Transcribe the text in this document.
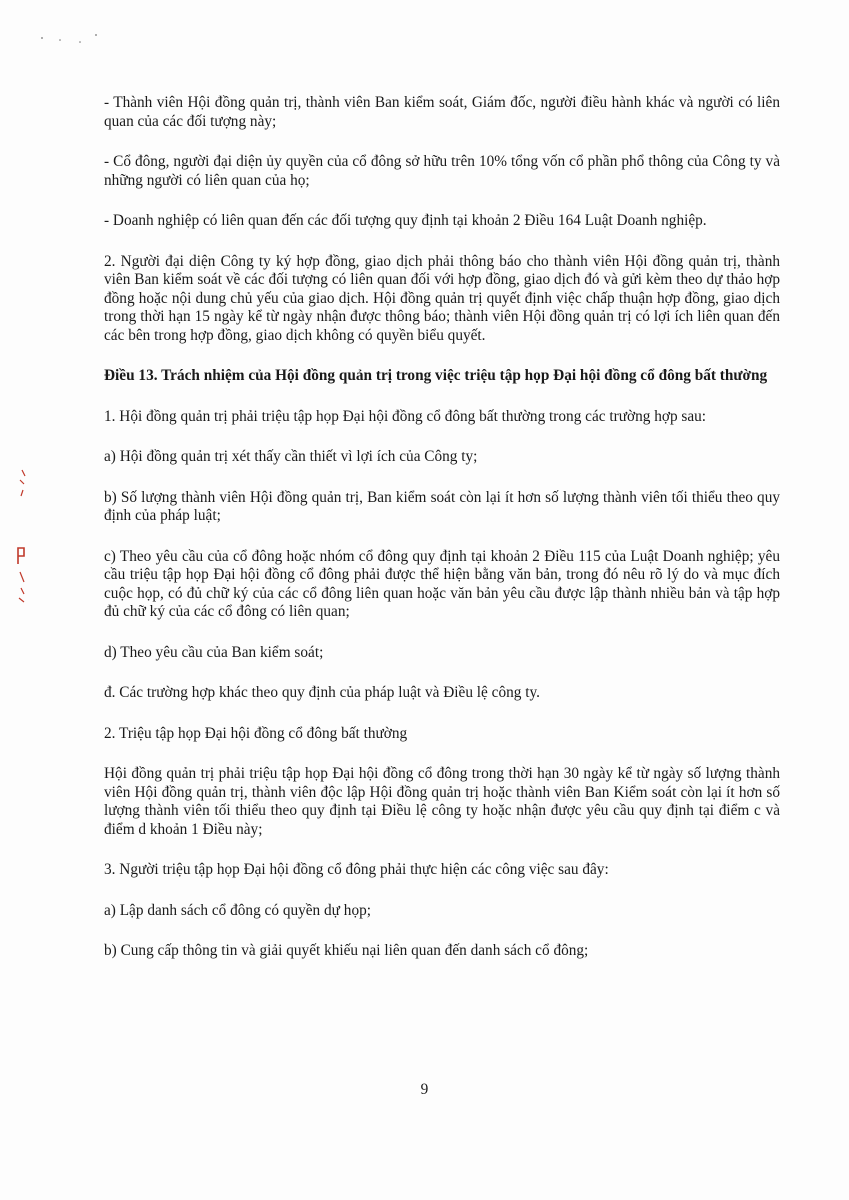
- Thành viên Hội đồng quản trị, thành viên Ban kiểm soát, Giám đốc, người điều hành khác và người có liên quan của các đối tượng này;

- Cổ đông, người đại diện ủy quyền của cổ đông sở hữu trên 10% tổng vốn cổ phần phổ thông của Công ty và những người có liên quan của họ;

- Doanh nghiệp có liên quan đến các đối tượng quy định tại khoản 2 Điều 164 Luật Doanh nghiệp.

2. Người đại diện Công ty ký hợp đồng, giao dịch phải thông báo cho thành viên Hội đồng quản trị, thành viên Ban kiểm soát về các đối tượng có liên quan đối với hợp đồng, giao dịch đó và gửi kèm theo dự thảo hợp đồng hoặc nội dung chủ yếu của giao dịch. Hội đồng quản trị quyết định việc chấp thuận hợp đồng, giao dịch trong thời hạn 15 ngày kể từ ngày nhận được thông báo; thành viên Hội đồng quản trị có lợi ích liên quan đến các bên trong hợp đồng, giao dịch không có quyền biểu quyết.

Điều 13. Trách nhiệm của Hội đồng quản trị trong việc triệu tập họp Đại hội đồng cổ đông bất thường

1. Hội đồng quản trị phải triệu tập họp Đại hội đồng cổ đông bất thường trong các trường hợp sau:

a) Hội đồng quản trị xét thấy cần thiết vì lợi ích của Công ty;

b) Số lượng thành viên Hội đồng quản trị, Ban kiểm soát còn lại ít hơn số lượng thành viên tối thiểu theo quy định của pháp luật;

c) Theo yêu cầu của cổ đông hoặc nhóm cổ đông quy định tại khoản 2 Điều 115 của Luật Doanh nghiệp; yêu cầu triệu tập họp Đại hội đồng cổ đông phải được thể hiện bằng văn bản, trong đó nêu rõ lý do và mục đích cuộc họp, có đủ chữ ký của các cổ đông liên quan hoặc văn bản yêu cầu được lập thành nhiều bản và tập hợp đủ chữ ký của các cổ đông có liên quan;

d) Theo yêu cầu của Ban kiểm soát;

đ. Các trường hợp khác theo quy định của pháp luật và Điều lệ công ty.

2. Triệu tập họp Đại hội đồng cổ đông bất thường

Hội đồng quản trị phải triệu tập họp Đại hội đồng cổ đông trong thời hạn 30 ngày kể từ ngày số lượng thành viên Hội đồng quản trị, thành viên độc lập Hội đồng quản trị hoặc thành viên Ban Kiểm soát còn lại ít hơn số lượng thành viên tối thiểu theo quy định tại Điều lệ công ty hoặc nhận được yêu cầu quy định tại điểm c và điểm d khoản 1 Điều này;

3. Người triệu tập họp Đại hội đồng cổ đông phải thực hiện các công việc sau đây:

a) Lập danh sách cổ đông có quyền dự họp;

b) Cung cấp thông tin và giải quyết khiếu nại liên quan đến danh sách cổ đông;

9
